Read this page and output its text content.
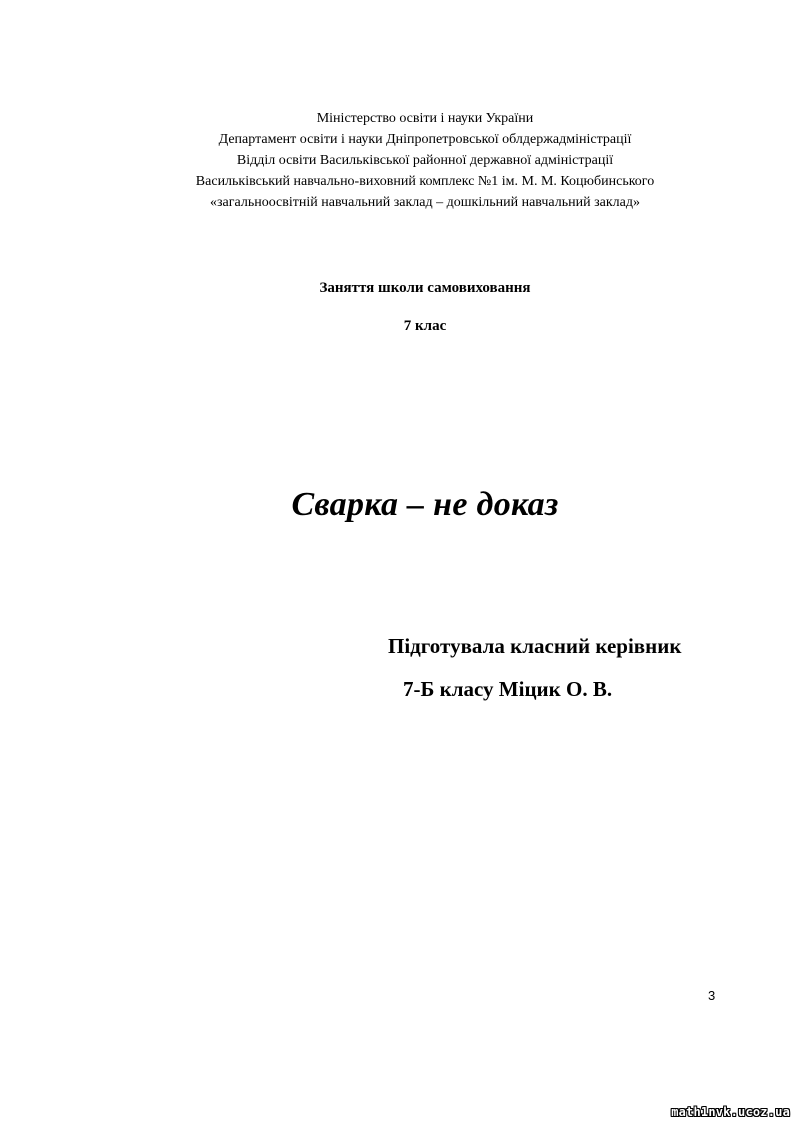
Міністерство освіти і науки України
Департамент освіти і науки Дніпропетровської облдержадміністрації
Відділ освіти Васильківської районної державної адміністрації
Васильківський навчально-виховний комплекс №1 ім. М. М. Коцюбинського
«загальноосвітній навчальний заклад – дошкільний навчальний заклад»
Заняття школи самовиховання
7 клас
Сварка – не доказ
Підготувала класний керівник
7-Б класу Міцик О. В.
3
math1nvk.ucoz.ua
